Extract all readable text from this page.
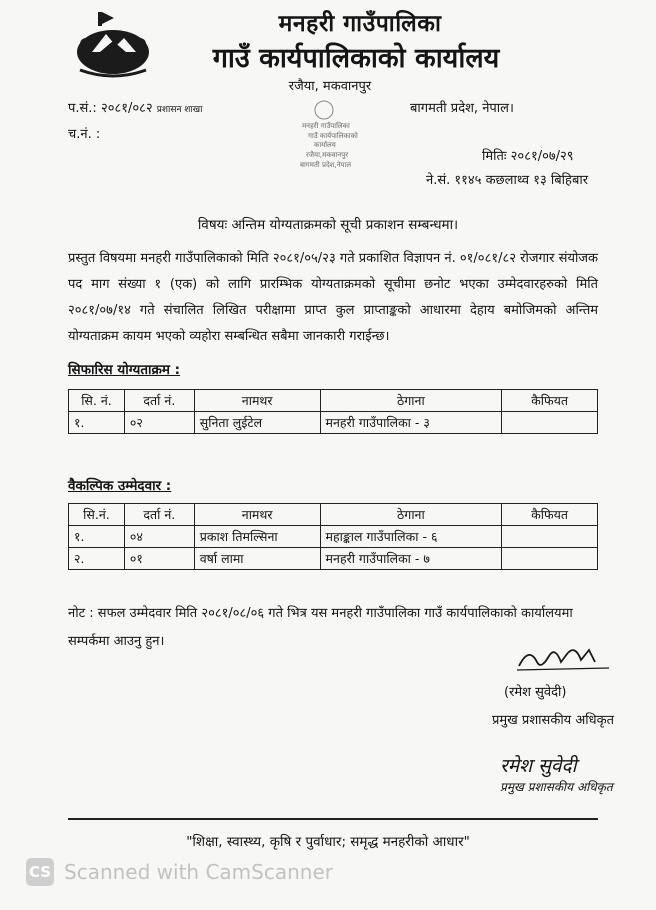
मनहरी गाउँपालिका
गाउँ कार्यपालिकाको कार्यालय
रजैया, मकवानपुर
प.सं.: २०८१/०८२ प्रशासन शाखा
च.नं. :
बागमती प्रदेश, नेपाल।
मितिः २०८१/०७/२९
ने.सं. ११४५ कछलाथ्व १३ बिहिबार
मनहरी गाउँपालिका
गाउँ कार्यपालिकाको
कार्यालय
रजैया,मकवानपुर
बागमती प्रदेश,नेपाल
विषयः अन्तिम योग्यताक्रमको सूची प्रकाशन सम्बन्धमा।
प्रस्तुत विषयमा मनहरी गाउँपालिकाको मिति २०८१/०५/२३ गते प्रकाशित विज्ञापन नं. ०१/०८१/८२ रोजगार संयोजक पद माग संख्या १ (एक) को लागि प्रारम्भिक योग्यताक्रमको सूचीमा छनोट भएका उम्मेदवारहरुको मिति २०८१/०७/१४ गते संचालित लिखित परीक्षामा प्राप्त कुल प्राप्ताङ्कको आधारमा देहाय बमोजिमको अन्तिम योग्यताक्रम कायम भएको व्यहोरा सम्बन्धित सबैमा जानकारी गराईन्छ।
सिफारिस योग्यताक्रम :
सि. नं.	दर्ता नं.	नामथर	ठेगाना	कैफियत
१.	०२	सुनिता लुईटेल	मनहरी गाउँपालिका - ३	
वैकल्पिक उम्मेदवार :
सि.नं.	दर्ता नं.	नामथर	ठेगाना	कैफियत
१.	०४	प्रकाश तिमल्सिना	महाङ्काल गाउँपालिका - ६	
२.	०१	वर्षा लामा	मनहरी गाउँपालिका - ७	
नोट : सफल उम्मेदवार मिति २०८१/०८/०६ गते भित्र यस मनहरी गाउँपालिका गाउँ कार्यपालिकाको कार्यालयमा सम्पर्कमा आउनु हुन।
(रमेश सुवेदी)
प्रमुख प्रशासकीय अधिकृत
रमेश सुवेदी
प्रमुख प्रशासकीय अधिकृत
"शिक्षा, स्वास्थ्य, कृषि र पुर्वाधार; समृद्ध मनहरीको आधार"
CS Scanned with CamScanner
